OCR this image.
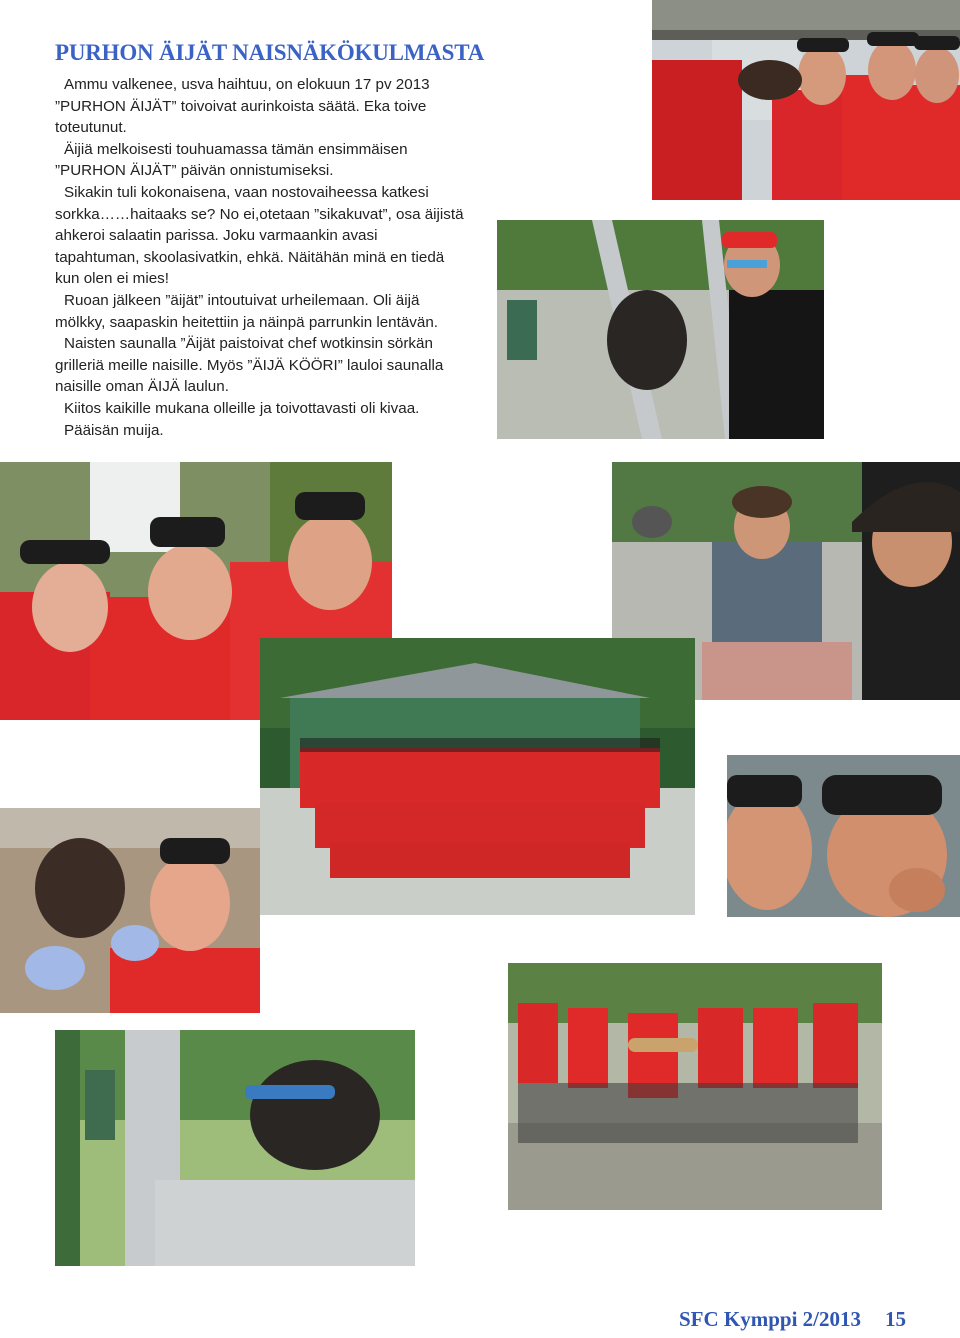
PURHON ÄIJÄT NAISNÄKÖKULMASTA

Ammu valkenee, usva haihtuu, on elokuun 17 pv 2013 ”PURHON ÄIJÄT” toivoivat aurinkoista säätä. Eka toive toteutunut.

Äijiä melkoisesti touhuamassa tämän ensimmäisen ”PURHON ÄIJÄT” päivän onnistumiseksi.

Sikakin tuli kokonaisena, vaan nostovaiheessa katkesi sorkka……haitaaks se? No ei,otetaan ”sikakuvat”, osa äijistä ahkeroi salaatin parissa. Joku varmaankin avasi tapahtuman, skoolasivatkin, ehkä. Näitähän minä en tiedä kun olen ei mies!

Ruoan jälkeen ”äijät” intoutuivat urheilemaan. Oli äijä mölkky, saapaskin heitettiin ja näinpä parrunkin lentävän.

Naisten saunalla ”Äijät paistoivat chef wotkinsin sörkän grilleriä meille naisille. Myös ”ÄIJÄ KÖÖRI” lauloi saunalla naisille oman ÄIJÄ laulun.

Kiitos kaikille mukana olleille ja toivottavasti oli kivaa.

Pääisän muija.

SFC Kymppi 2/2013 15
